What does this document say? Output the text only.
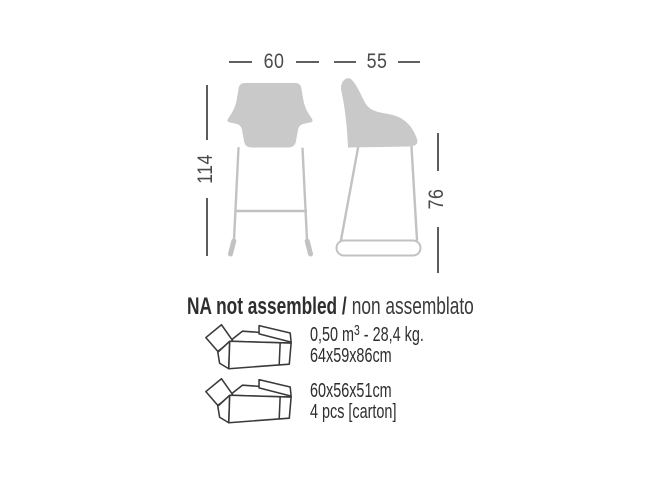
60	55
114
76
NA not assembled / non assemblato
0,50 $m^3 - 28,4$ kg.
64x59x86cm
60x56x51cm
4 pcs [carton]
